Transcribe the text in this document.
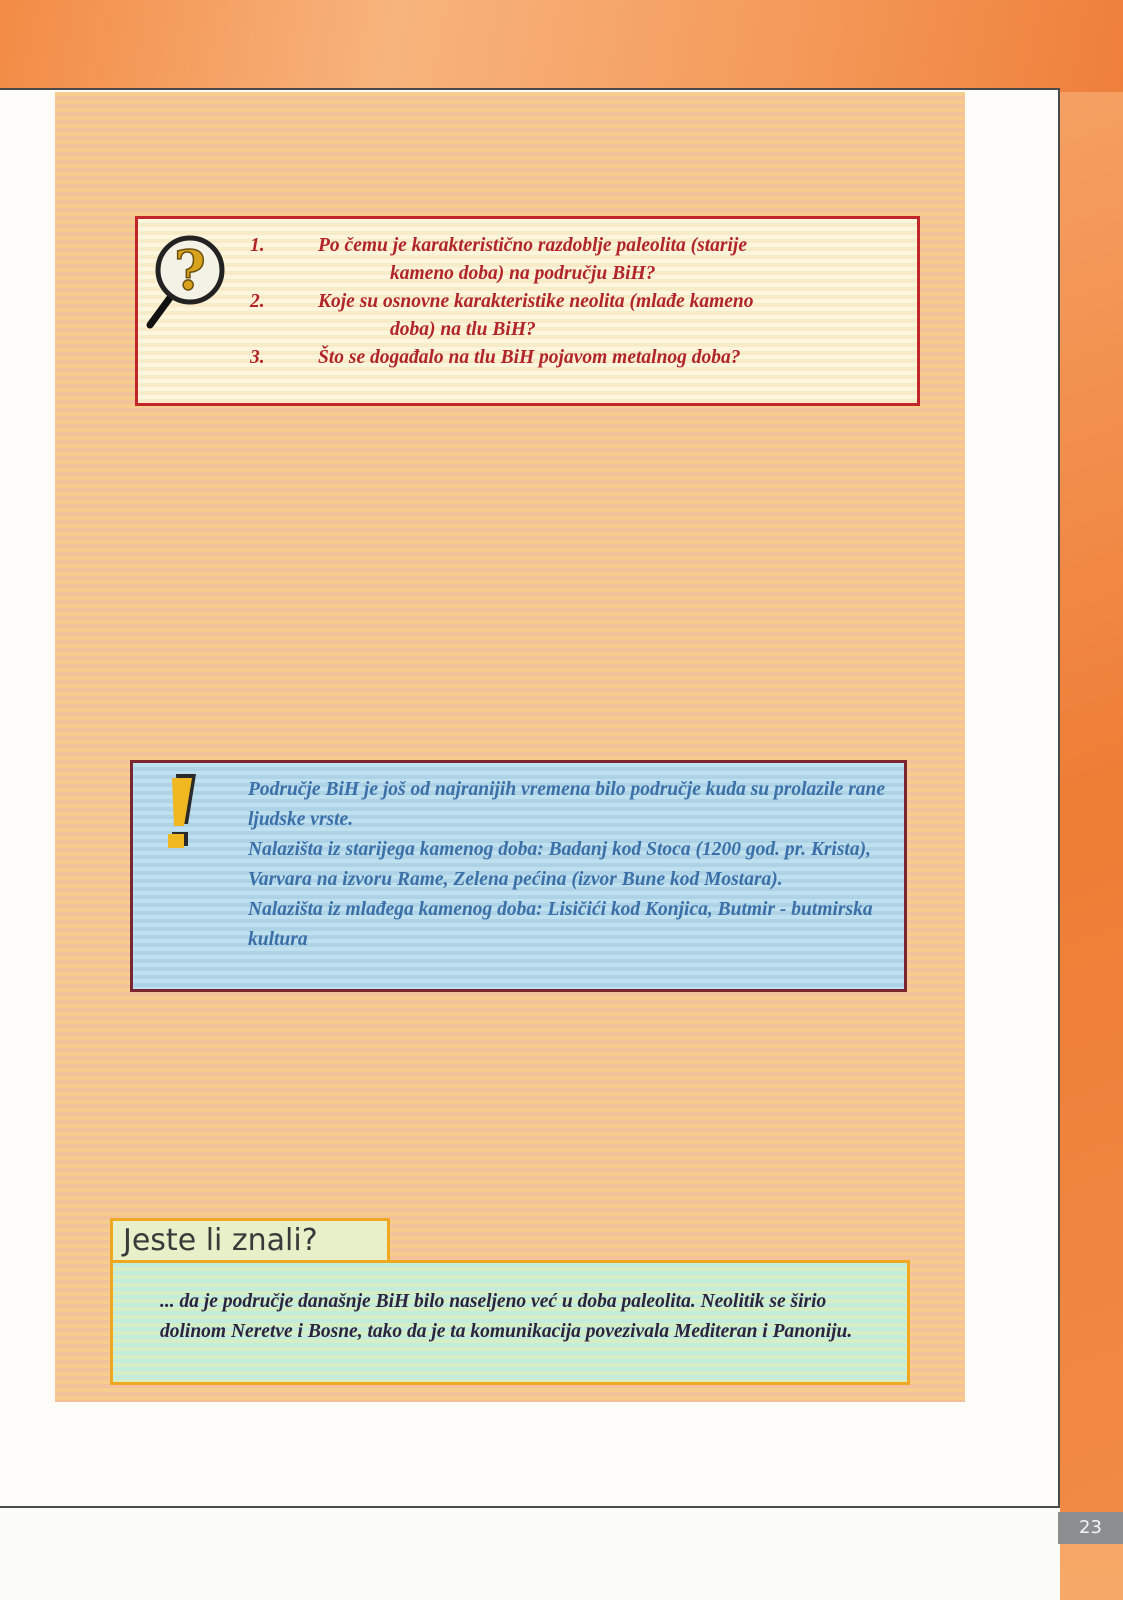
? 1.	Po čemu je karakteristično razdoblje paleolita (starije
kameno doba) na području BiH?
2.	Koje su osnovne karakteristike neolita (mlađe kameno
doba) na tlu BiH?
3.	Što se događalo na tlu BiH pojavom metalnog doba?

Područje BiH je još od najranijih vremena bilo područje kuda su prolazile rane ljudske vrste.

Nalazišta iz starijega kamenog doba: Badanj kod Stoca (1200 god. pr. Krista), Varvara na izvoru Rame, Zelena pećina (izvor Bune kod Mostara).

Nalazišta iz mlađega kamenog doba: Lisičići kod Konjica, Butmir - butmirska kultura

Jeste li znali?
... da je područje današnje BiH bilo naseljeno već u doba paleolita. Neolitik se širio dolinom Neretve i Bosne, tako da je ta komunikacija povezivala Mediteran i Panoniju.
23
